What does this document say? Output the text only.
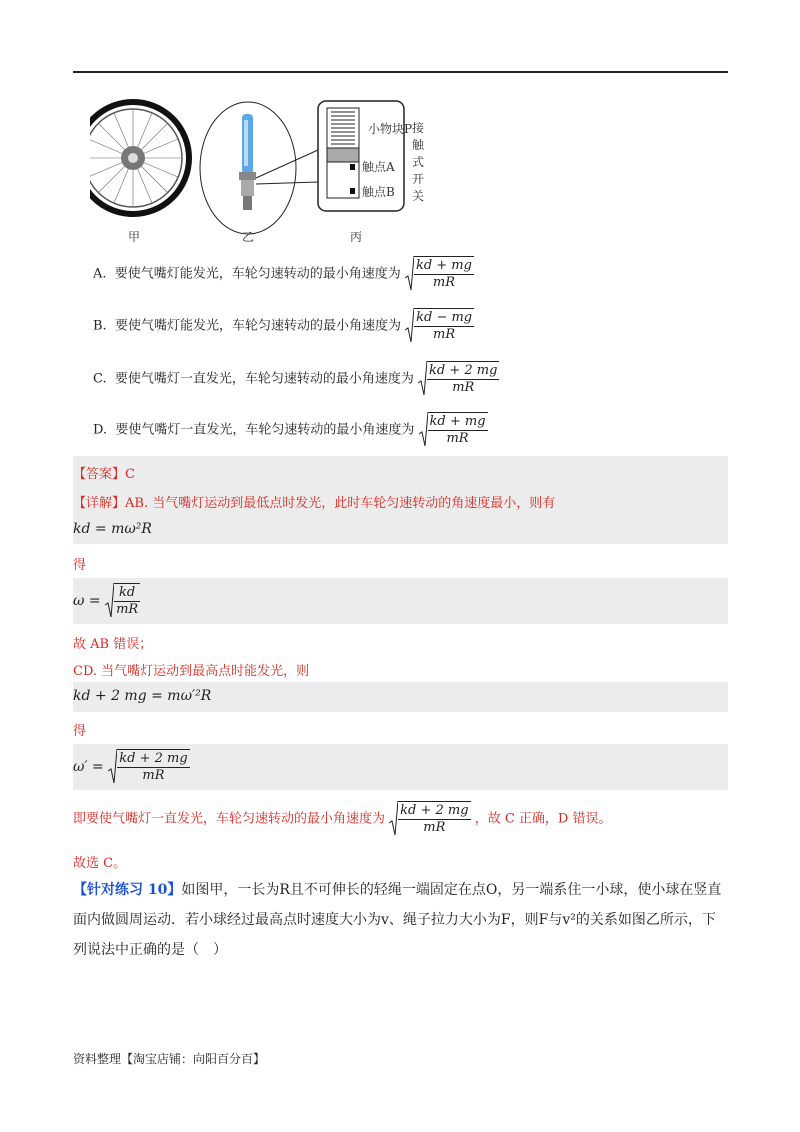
小物块P
触点A
触点B
接
触
式
开
关
甲	乙	丙
A. 要使气嘴灯能发光，车轮匀速转动的最小角速度为 $\frac{kd + mg}{mR}$
B. 要使气嘴灯能发光，车轮匀速转动的最小角速度为 $\frac{kd - mg}{mR}$
C. 要使气嘴灯一直发光，车轮匀速转动的最小角速度为 $\frac{kd + 2 mg}{mR}$
D. 要使气嘴灯一直发光，车轮匀速转动的最小角速度为 $\frac{kd + mg}{mR}$
【答案】C
【详解】AB. 当气嘴灯运动到最低点时发光，此时车轮匀速转动的角速度最小，则有
kd = mω²R
得
$\omega = \frac{kd}{mR}$
故 AB 错误；
CD. 当气嘴灯运动到最高点时能发光，则
kd + 2 mg = mω′²R
得
$\omega' = \frac{kd + 2 mg}{mR}$
即要使气嘴灯一直发光，车轮匀速转动的最小角速度为 $\frac{kd + 2 mg}{mR}$ ，故 C 正确，D 错误。
故选 C。
【针对练习 10】如图甲，一长为R且不可伸长的轻绳一端固定在点O，另一端系住一小球，使小球在竖直
面内做圆周运动．若小球经过最高点时速度大小为v、绳子拉力大小为F，则F与v²的关系如图乙所示，下
列说法中正确的是（　）
资料整理【淘宝店铺：向阳百分百】
